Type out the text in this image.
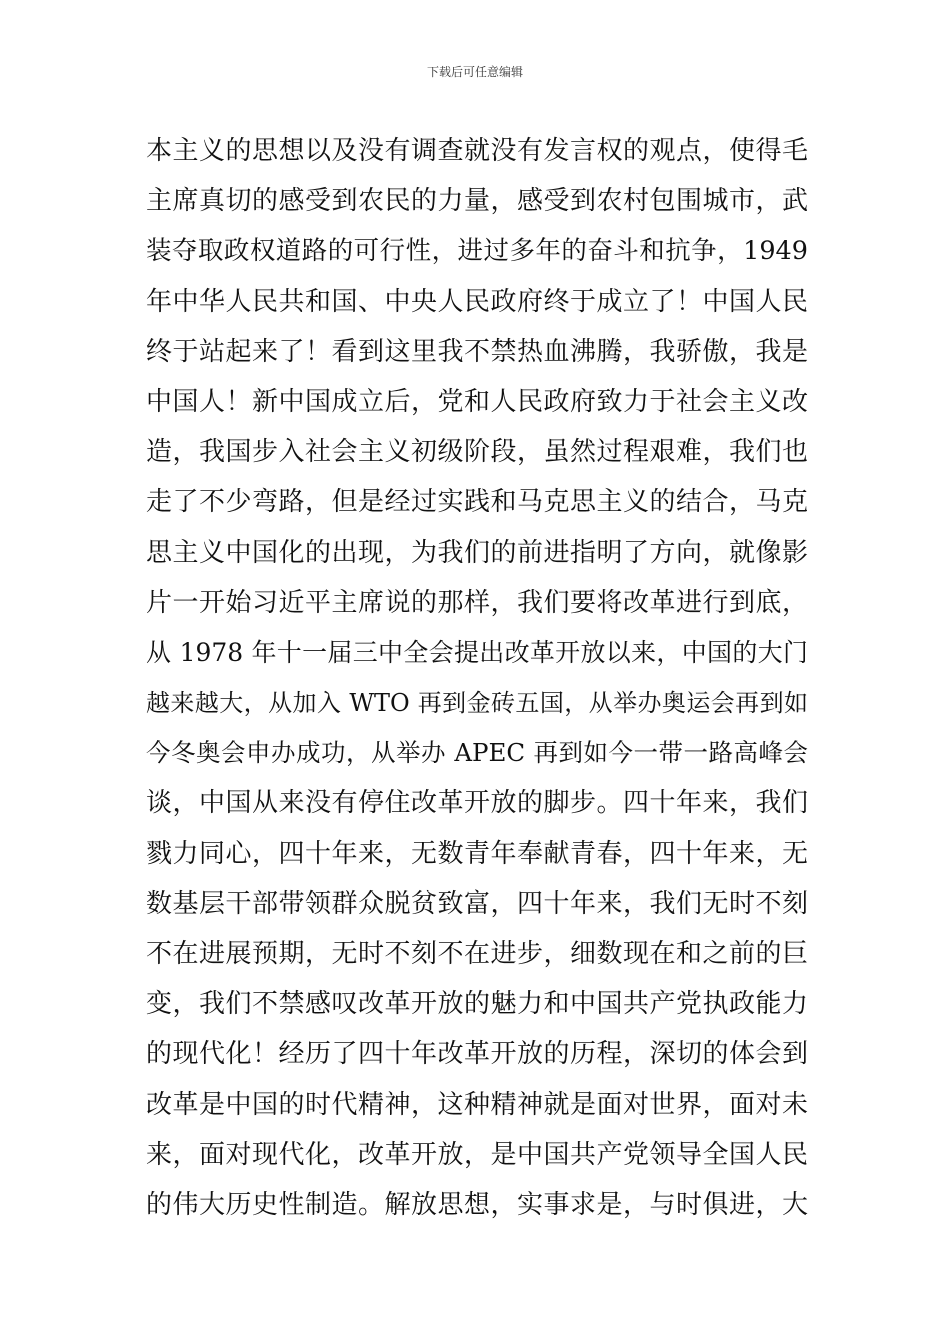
下载后可任意编辑
本主义的思想以及没有调查就没有发言权的观点，使得毛
主席真切的感受到农民的力量，感受到农村包围城市，武
装夺取政权道路的可行性，进过多年的奋斗和抗争，1949
年中华人民共和国、中央人民政府终于成立了！中国人民
终于站起来了！看到这里我不禁热血沸腾，我骄傲，我是
中国人！新中国成立后，党和人民政府致力于社会主义改
造，我国步入社会主义初级阶段，虽然过程艰难，我们也
走了不少弯路，但是经过实践和马克思主义的结合，马克
思主义中国化的出现，为我们的前进指明了方向，就像影
片一开始习近平主席说的那样，我们要将改革进行到底，
从 1978 年十一届三中全会提出改革开放以来，中国的大门
越来越大，从加入 WTO 再到金砖五国，从举办奥运会再到如
今冬奥会申办成功，从举办 APEC 再到如今一带一路高峰会
谈，中国从来没有停住改革开放的脚步。四十年来，我们
戮力同心，四十年来，无数青年奉献青春，四十年来，无
数基层干部带领群众脱贫致富，四十年来，我们无时不刻
不在进展预期，无时不刻不在进步，细数现在和之前的巨
变，我们不禁感叹改革开放的魅力和中国共产党执政能力
的现代化！经历了四十年改革开放的历程，深切的体会到
改革是中国的时代精神，这种精神就是面对世界，面对未
来，面对现代化，改革开放，是中国共产党领导全国人民
的伟大历史性制造。解放思想，实事求是，与时俱进，大
